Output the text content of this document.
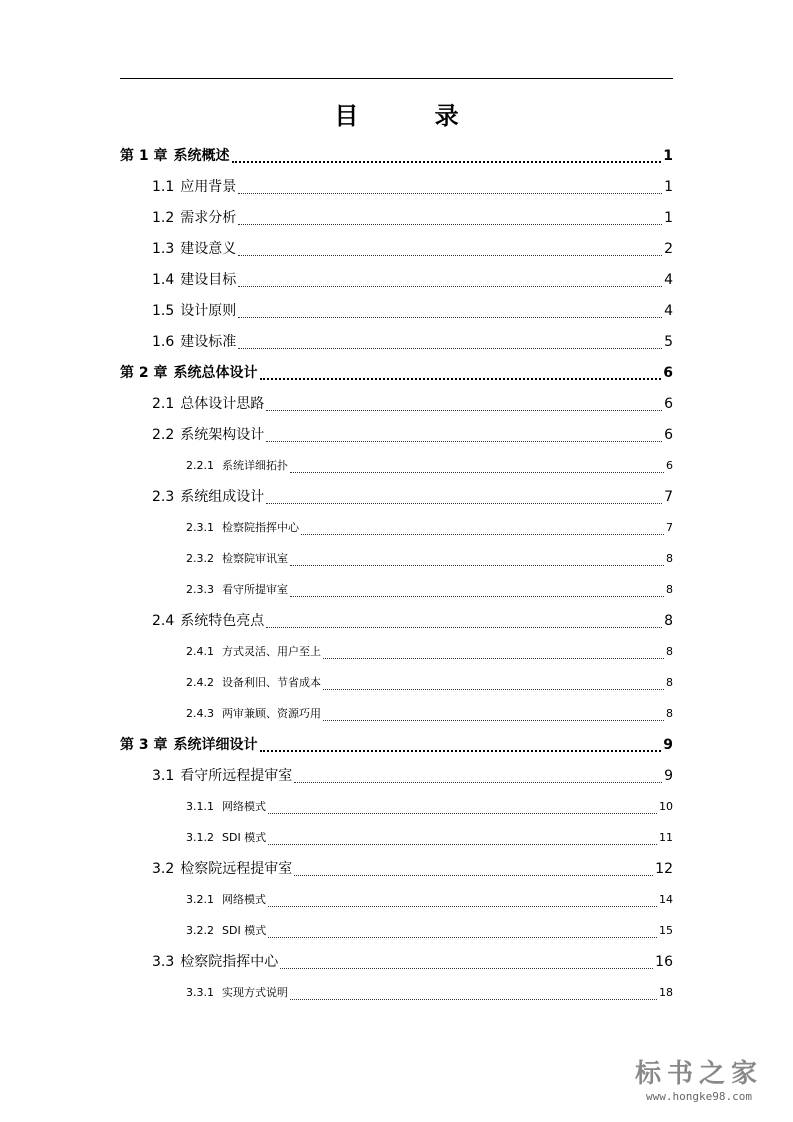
目 录
第 1 章 系统概述	1
1.1 应用背景	1
1.2 需求分析	1
1.3 建设意义	2
1.4 建设目标	4
1.5 设计原则	4
1.6 建设标准	5
第 2 章 系统总体设计	6
2.1 总体设计思路	6
2.2 系统架构设计	6
2.2.1 系统详细拓扑	6
2.3 系统组成设计	7
2.3.1 检察院指挥中心	7
2.3.2 检察院审讯室	8
2.3.3 看守所提审室	8
2.4 系统特色亮点	8
2.4.1 方式灵活、用户至上	8
2.4.2 设备利旧、节省成本	8
2.4.3 两审兼顾、资源巧用	8
第 3 章 系统详细设计	9
3.1 看守所远程提审室	9
3.1.1 网络模式	10
3.1.2 SDI 模式	11
3.2 检察院远程提审室	12
3.2.1 网络模式	14
3.2.2 SDI 模式	15
3.3 检察院指挥中心	16
3.3.1 实现方式说明	18
标书之家
www.hongke98.com
